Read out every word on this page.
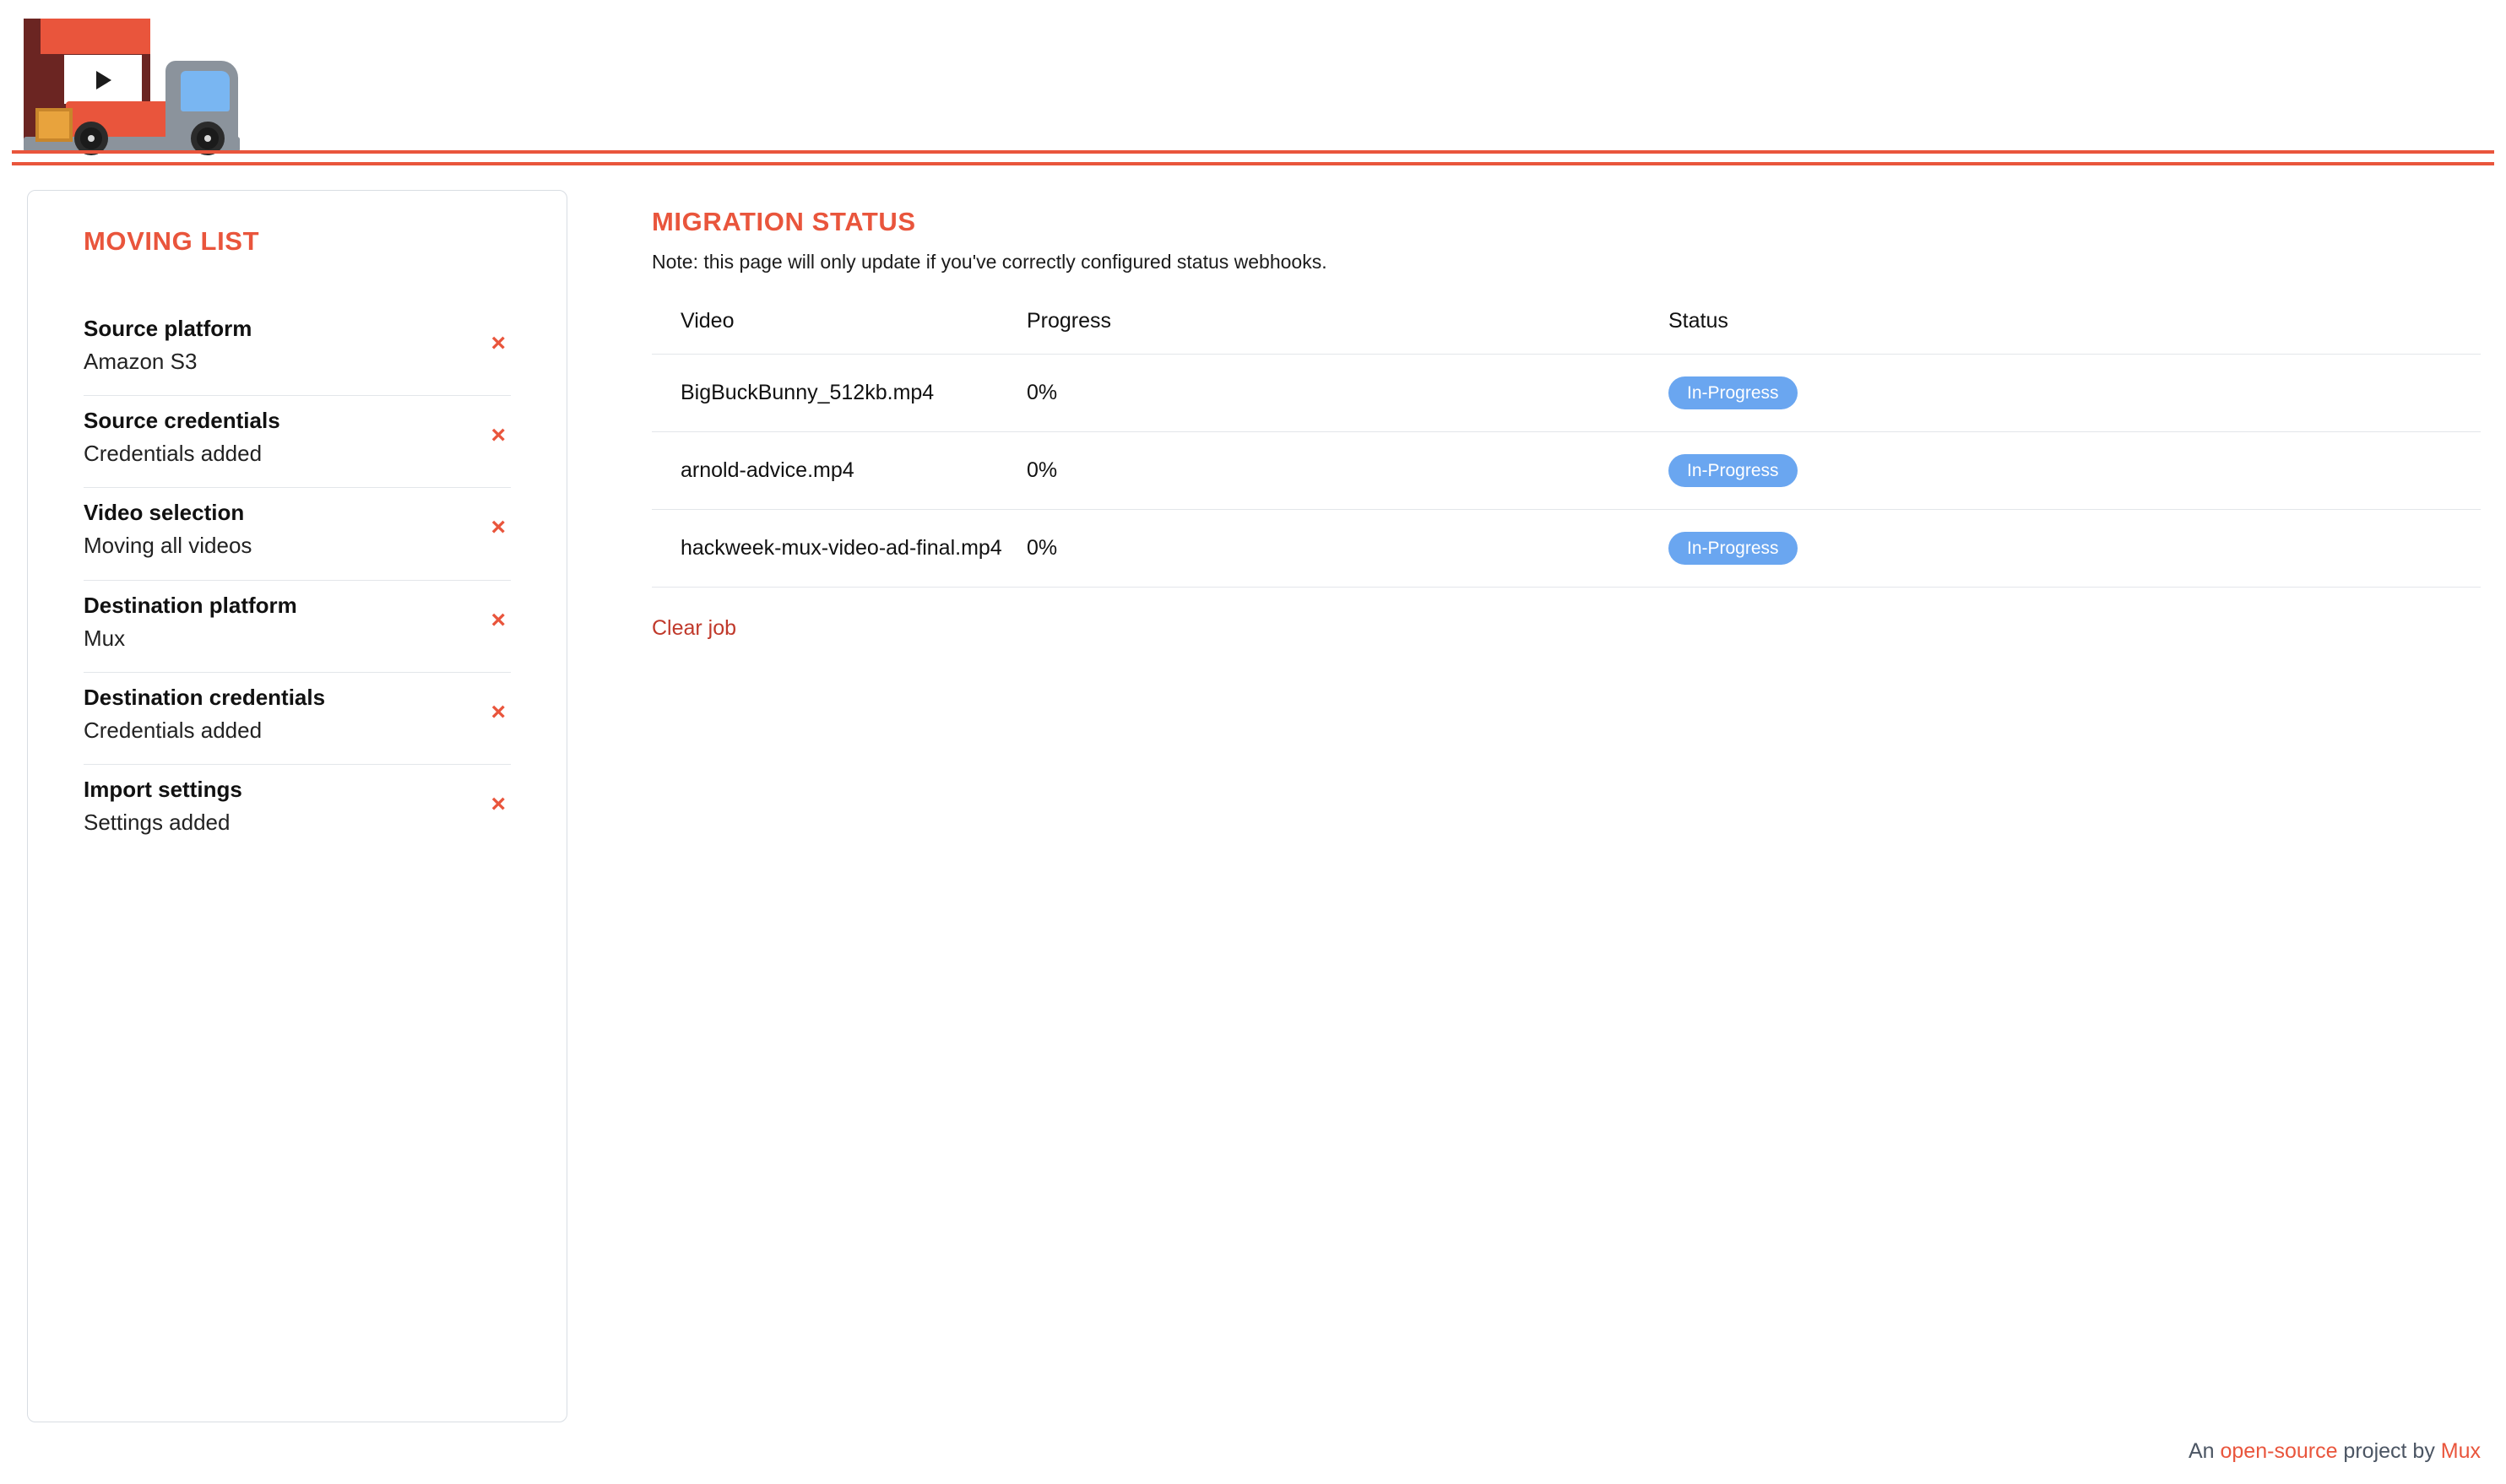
MOVING LIST
Source platform
Amazon S3
×
Source credentials
Credentials added
×
Video selection
Moving all videos
×
Destination platform
Mux
×
Destination credentials
Credentials added
×
Import settings
Settings added
×
MIGRATION STATUS
Note: this page will only update if you've correctly configured status webhooks.
Video	Progress	Status
BigBuckBunny_512kb.mp4	0%	In-Progress
arnold-advice.mp4	0%	In-Progress
hackweek-mux-video-ad-final.mp4	0%	In-Progress
Clear job
An open-source project by Mux
